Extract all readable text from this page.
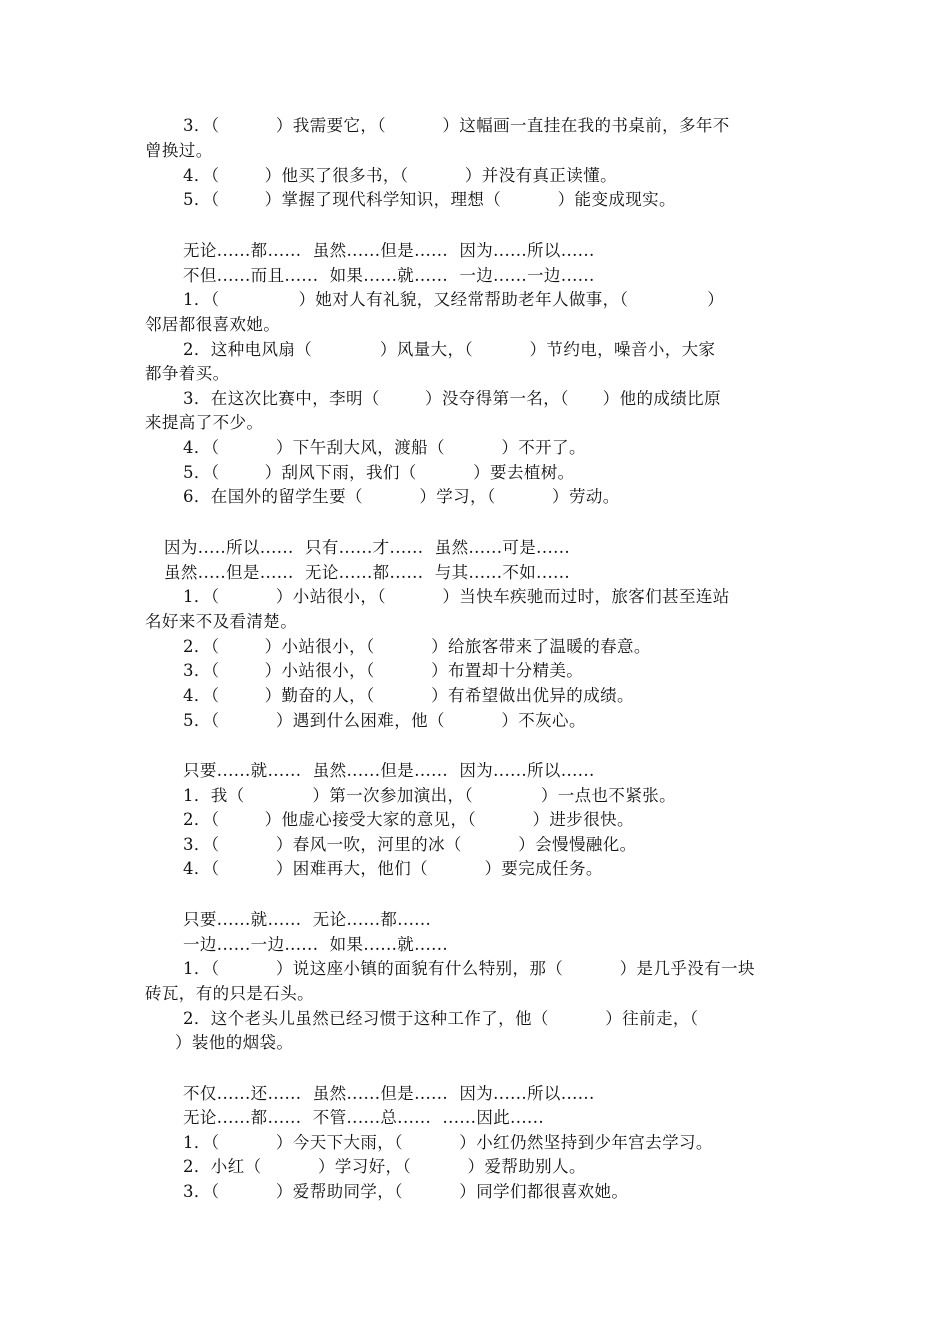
3．（          ）我需要它，（          ）这幅画一直挂在我的书桌前，多年不
曾换过。
4．（        ）他买了很多书，（          ）并没有真正读懂。
5．（        ）掌握了现代科学知识，理想（          ）能变成现实。
无论......都......  虽然......但是......  因为......所以......
不但......而且......  如果......就......  一边......一边......
1．（              ）她对人有礼貌，又经常帮助老年人做事，（              ）
邻居都很喜欢她。
2．这种电风扇（            ）风量大，（          ）节约电，噪音小，大家
都争着买。
3．在这次比赛中，李明（        ）没夺得第一名，（      ）他的成绩比原
来提高了不少。
4．（          ）下午刮大风，渡船（          ）不开了。
5．（        ）刮风下雨，我们（          ）要去植树。
6．在国外的留学生要（          ）学习，（          ）劳动。
因为.....所以......  只有......才......  虽然......可是......
虽然.....但是......  无论......都......  与其......不如......
1．（          ）小站很小，（          ）当快车疾驰而过时，旅客们甚至连站
名好来不及看清楚。
2．（        ）小站很小，（          ）给旅客带来了温暖的春意。
3．（        ）小站很小，（          ）布置却十分精美。
4．（        ）勤奋的人，（          ）有希望做出优异的成绩。
5．（          ）遇到什么困难，他（          ）不灰心。
只要......就......  虽然......但是......  因为......所以......
1．我（            ）第一次参加演出，（            ）一点也不紧张。
2．（        ）他虚心接受大家的意见，（          ）进步很快。
3．（          ）春风一吹，河里的冰（          ）会慢慢融化。
4．（          ）困难再大，他们（          ）要完成任务。
只要......就......  无论......都......
一边......一边......  如果......就......
1．（          ）说这座小镇的面貌有什么特别，那（          ）是几乎没有一块
砖瓦，有的只是石头。
2．这个老头儿虽然已经习惯于这种工作了，他（          ）往前走，（
）装他的烟袋。
不仅......还......  虽然......但是......  因为......所以......
无论......都......  不管......总......  ......因此......
1．（          ）今天下大雨，（          ）小红仍然坚持到少年宫去学习。
2．小红（          ）学习好，（          ）爱帮助别人。
3．（          ）爱帮助同学，（          ）同学们都很喜欢她。
